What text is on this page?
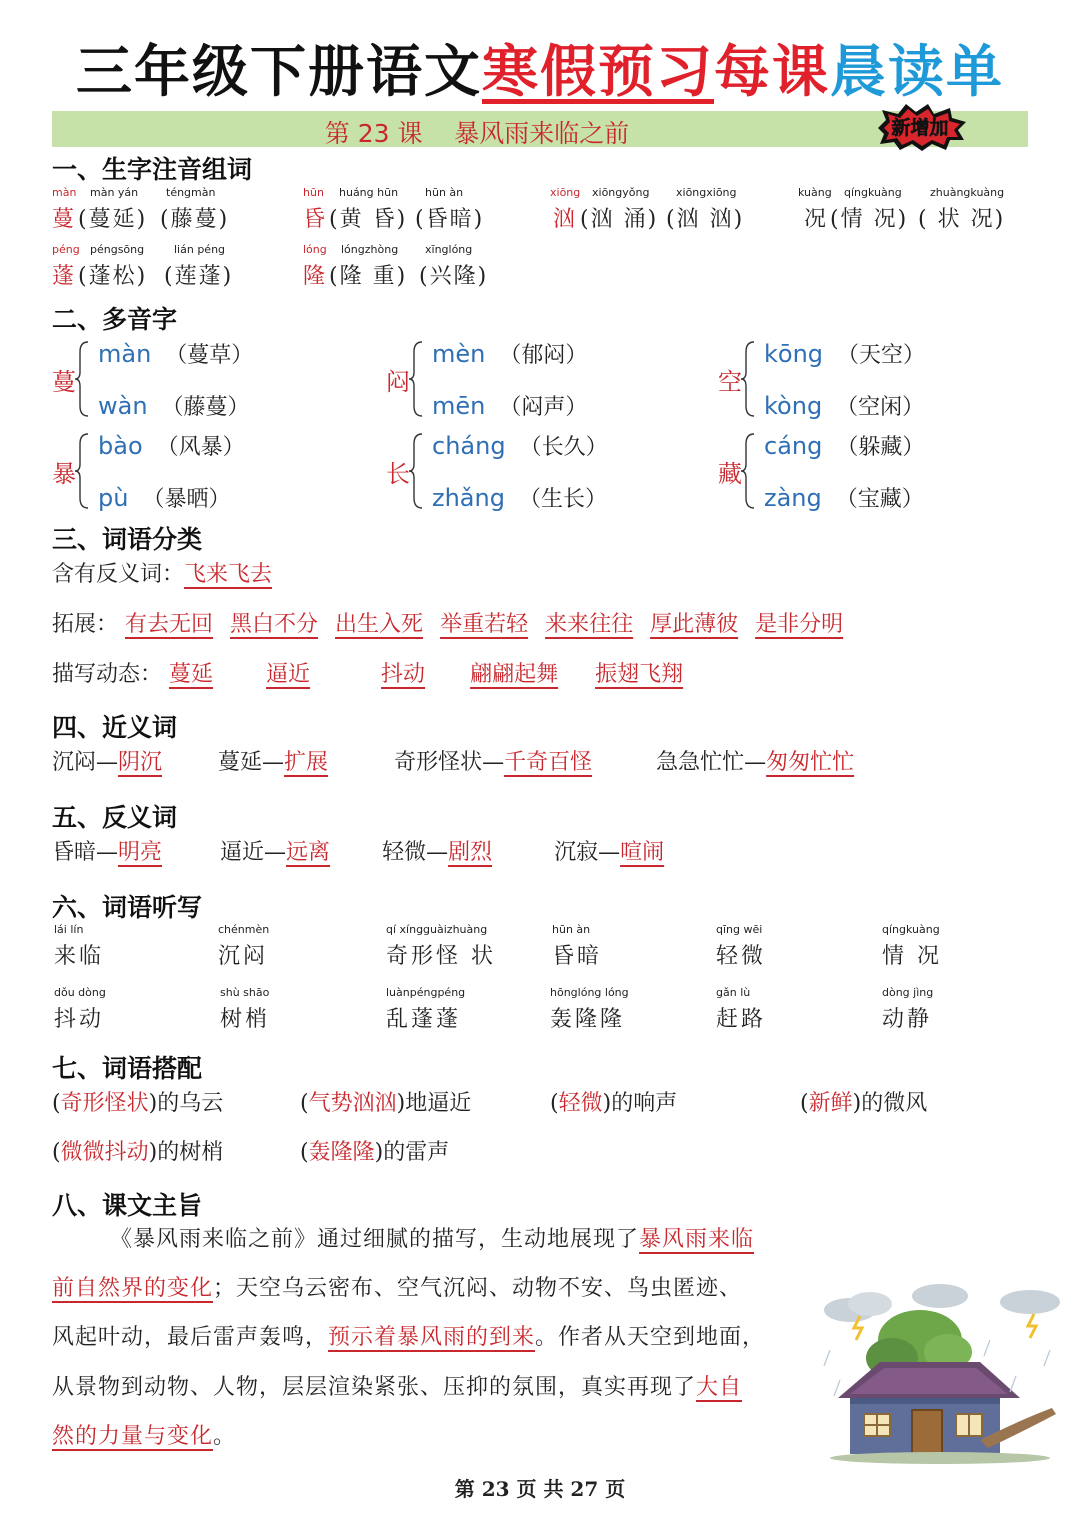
三年级下册语文寒假预习每课晨读单
第 23 课    暴风雨来临之前	新增加
一、生字注音组词
màn màn yán	téngmàn
蔓 (蔓延) (藤蔓)
hūn huáng hūn hūn àn
昏 (黄 昏) (昏暗)
xiōng xiōngyǒng xiōngxiōng
汹 (汹 涌) (汹 汹)
kuàng qíngkuàng	zhuàngkuàng
况 (情 况) ( 状 况)
péng péngsōng	lián péng
蓬 (蓬松) (莲蓬)
lóng lóngzhòng xīnglóng
隆 (隆 重) (兴隆)
二、多音字
蔓
màn （蔓草）
wàn （藤蔓）
闷
mèn （郁闷）
mēn （闷声）
空
kōng （天空）
kòng （空闲）
暴
bào （风暴）
pù （暴晒）
长
cháng （长久）
zhǎng （生长）
藏
cáng （躲藏）
zàng （宝藏）
三、词语分类
含有反义词：飞来飞去
拓展： 有去无回 黑白不分 出生入死 举重若轻 来来往往 厚此薄彼 是非分明
描写动态： 蔓延 逼近	抖动 翩翩起舞 振翅飞翔
四、近义词
沉闷—阴沉	蔓延—扩展	奇形怪状—千奇百怪	急急忙忙—匆匆忙忙
五、反义词
昏暗—明亮	逼近—远离 轻微—剧烈	沉寂—喧闹
六、词语听写
lái lín
来临
chénmèn
沉闷
qí xíngguàizhuàng
奇形怪 状
hūn àn
昏暗
qīng wēi
轻微
qíngkuàng
情 况
dǒu dòng
抖动
shù shāo
树梢
luànpéngpéng
乱蓬蓬
hōnglóng lóng
轰隆隆
gǎn lù
赶路
dòng jìng
动静
七、词语搭配
(奇形怪状)的乌云	(气势汹汹)地逼近	(轻微)的响声	(新鲜)的微风
(微微抖动)的树梢	(轰隆隆)的雷声
八、课文主旨
《暴风雨来临之前》通过细腻的描写，生动地展现了暴风雨来临
前自然界的变化；天空乌云密布、空气沉闷、动物不安、鸟虫匿迹、
风起叶动，最后雷声轰鸣，预示着暴风雨的到来。作者从天空到地面，
从景物到动物、人物，层层渲染紧张、压抑的氛围，真实再现了大自
然的力量与变化。
第 23 页 共 27 页
